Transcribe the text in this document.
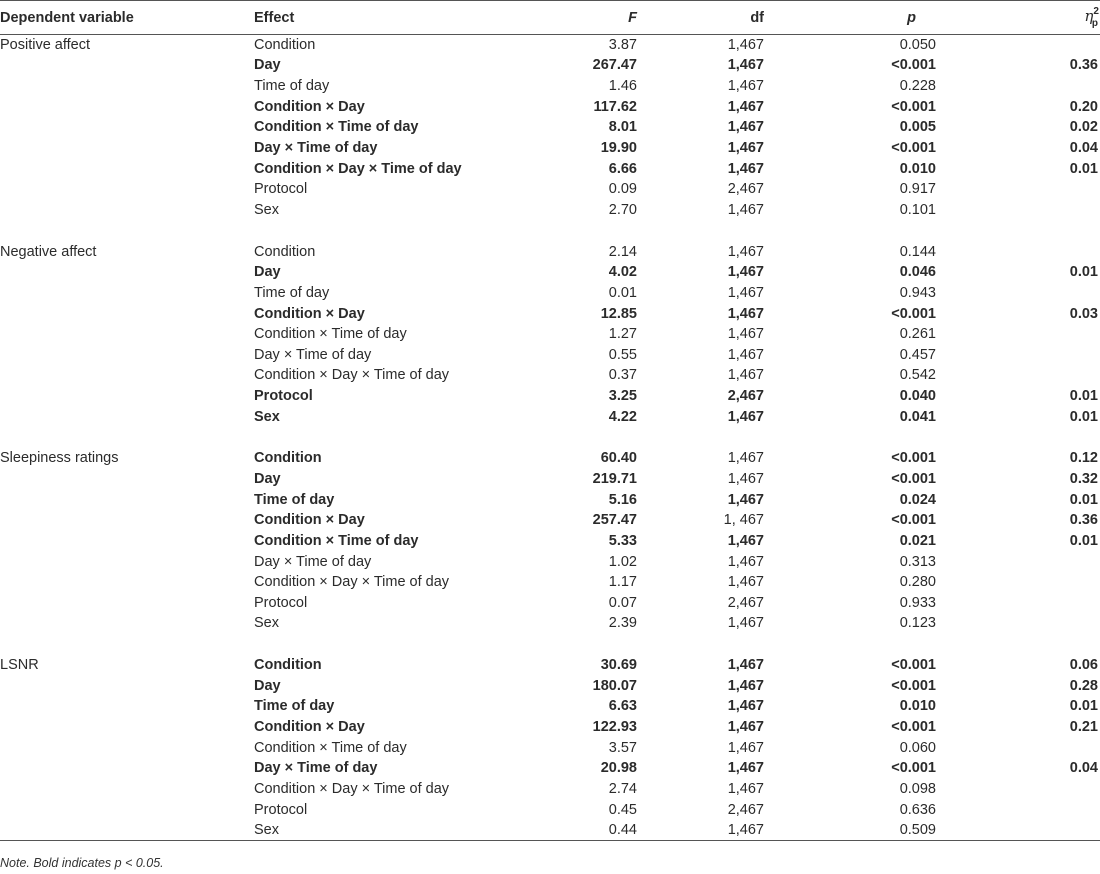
Dependent variable	Effect	F	df	p	$\eta^2_p$
Positive affect	Condition	3.87	1,467	0.050	
	Day	267.47	1,467	<0.001	0.36
	Time of day	1.46	1,467	0.228	
	Condition × Day	117.62	1,467	<0.001	0.20
	Condition × Time of day	8.01	1,467	0.005	0.02
	Day × Time of day	19.90	1,467	<0.001	0.04
	Condition × Day × Time of day	6.66	1,467	0.010	0.01
	Protocol	0.09	2,467	0.917	
	Sex	2.70	1,467	0.101	

Negative affect	Condition	2.14	1,467	0.144	
	Day	4.02	1,467	0.046	0.01
	Time of day	0.01	1,467	0.943	
	Condition × Day	12.85	1,467	<0.001	0.03
	Condition × Time of day	1.27	1,467	0.261	
	Day × Time of day	0.55	1,467	0.457	
	Condition × Day × Time of day	0.37	1,467	0.542	
	Protocol	3.25	2,467	0.040	0.01
	Sex	4.22	1,467	0.041	0.01

Sleepiness ratings	Condition	60.40	1,467	<0.001	0.12
	Day	219.71	1,467	<0.001	0.32
	Time of day	5.16	1,467	0.024	0.01
	Condition × Day	257.47	1, 467	<0.001	0.36
	Condition × Time of day	5.33	1,467	0.021	0.01
	Day × Time of day	1.02	1,467	0.313	
	Condition × Day × Time of day	1.17	1,467	0.280	
	Protocol	0.07	2,467	0.933	
	Sex	2.39	1,467	0.123	

LSNR	Condition	30.69	1,467	<0.001	0.06
	Day	180.07	1,467	<0.001	0.28
	Time of day	6.63	1,467	0.010	0.01
	Condition × Day	122.93	1,467	<0.001	0.21
	Condition × Time of day	3.57	1,467	0.060	
	Day × Time of day	20.98	1,467	<0.001	0.04
	Condition × Day × Time of day	2.74	1,467	0.098	
	Protocol	0.45	2,467	0.636	
	Sex	0.44	1,467	0.509	
Note. Bold indicates p < 0.05.
